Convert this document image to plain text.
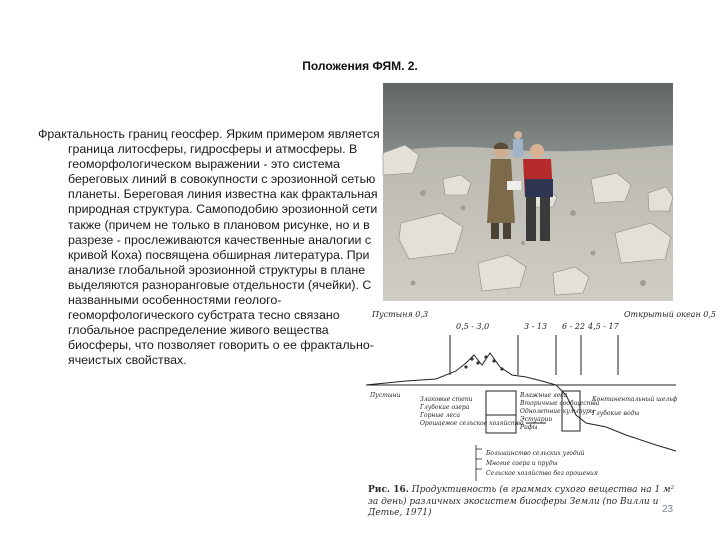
Положения ФЯМ. 2.
Фрактальность границ геосфер. Ярким примером является граница литосферы, гидросферы и атмосферы. В геоморфологическом выражении - это система береговых линий в совокупности с эрозионной сетью планеты. Береговая линия известна как фрактальная природная структура. Самоподобию эрозионной сети также (причем не только в плановом рисунке, но и в разрезе - прослеживаются качественные аналогии с кривой Коха) посвящена обширная литература. При анализе глобальной эрозионной структуры в плане выделяются разноранговые отдельности (ячейки). С названными особенностями геолого-геоморфологического субстрата тесно связано глобальное распределение живого вещества биосферы, что позволяет говорить о ее фрактально-ячеистых свойствах.
Пустыня 0,3
0,5 - 3,0	3 - 13 6 - 22 4,5 - 17
Открытый океан 0,5
Пустыни
Злаковые степи
Глубокие озера
Горные леса
Орошаемое сельское хозяйство
Влажные леса
Вторичные сообщества
Однолетние культуры
Эстуарии
Рифы
Континентальный шельф
Глубокие воды
Большинство сельских угодий
Многие озера и пруды
Сельское хозяйство без орошения
Рис. 16. Продуктивность (в граммах сухого вещества на 1 м² за день) различных экосистем биосферы Земли (по Вилли и Детье, 1971)	23
